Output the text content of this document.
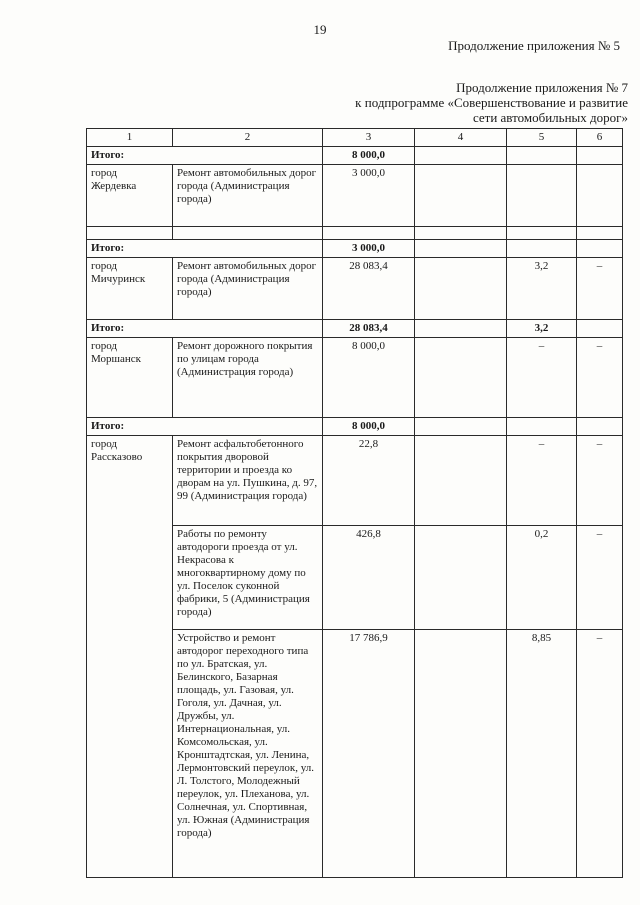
19
Продолжение приложения № 5
Продолжение приложения № 7
к подпрограмме «Совершенствование и развитие
сети автомобильных дорог»
1	2	3	4	5	6
Итого:		8 000,0			
город
Жердевка	Ремонт автомобильных дорог города (Администрация города)	3 000,0			

Итого:		3 000,0			
город
Мичуринск	Ремонт автомобильных дорог города (Администрация города)	28 083,4		3,2	–
Итого:		28 083,4		3,2	
город
Моршанск	Ремонт дорожного покрытия по улицам города (Администрация города)	8 000,0		–	–
Итого:		8 000,0			
город
Рассказово	Ремонт асфальтобетонного покрытия дворовой территории и проезда ко дворам на ул. Пушкина, д. 97, 99 (Администрация города)	22,8		–	–
	Работы по ремонту автодороги проезда от ул. Некрасова к многоквартирному дому по ул. Поселок суконной фабрики, 5 (Администрация города)	426,8		0,2	–
	Устройство и ремонт автодорог переходного типа по ул. Братская, ул. Белинского, Базарная площадь, ул. Газовая, ул. Гоголя, ул. Дачная, ул. Дружбы, ул. Интернациональная, ул. Комсомольская, ул. Кронштадтская, ул. Ленина, Лермонтовский переулок, ул. Л. Толстого, Молодежный переулок, ул. Плеханова, ул. Солнечная, ул. Спортивная, ул. Южная (Администрация города)	17 786,9		8,85	–
